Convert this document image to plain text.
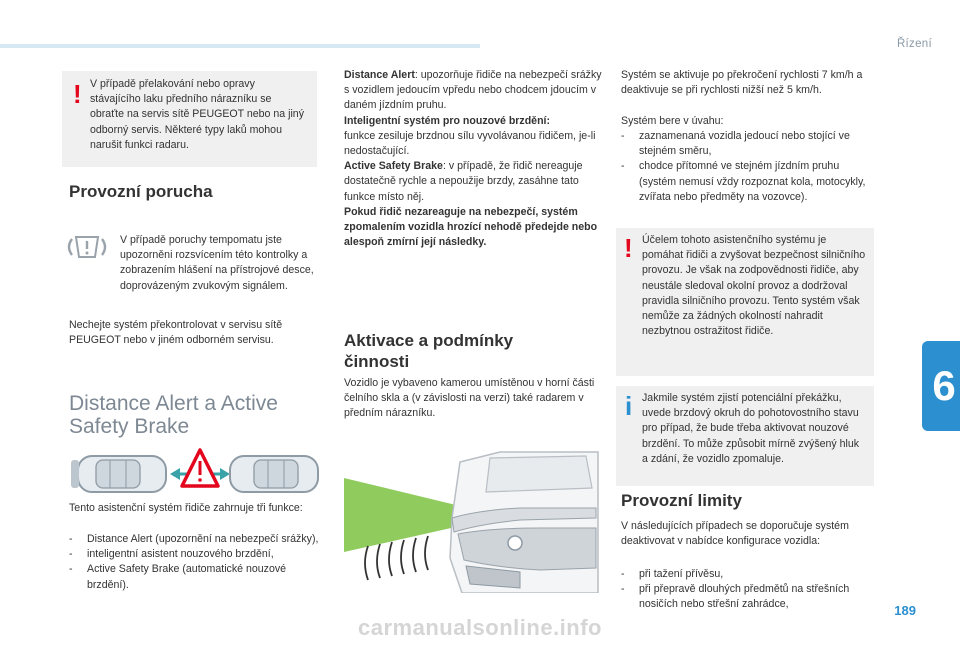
Řízení
6
189
! V případě přelakování nebo opravy stávajícího laku předního nárazníku se obraťte na servis sítě PEUGEOT nebo na jiný odborný servis. Některé typy laků mohou narušit funkci radaru.

Provozní porucha

V případě poruchy tempomatu jste upozorněni rozsvícením této kontrolky a zobrazením hlášení na přístrojové desce, doprovázeným zvukovým signálem.

Nechejte systém překontrolovat v servisu sítě PEUGEOT nebo v jiném odborném servisu.

Distance Alert a Active
Safety Brake

Tento asistenční systém řidiče zahrnuje tři funkce:

- Distance Alert (upozornění na nebezpečí srážky),
- inteligentní asistent nouzového brzdění,
- Active Safety Brake (automatické nouzové brzdění).

Distance Alert: upozorňuje řidiče na nebezpečí srážky s vozidlem jedoucím vpředu nebo chodcem jdoucím v daném jízdním pruhu.

Inteligentní systém pro nouzové brzdění:

funkce zesiluje brzdnou sílu vyvolávanou řidičem, je-li nedostačující.

Active Safety Brake: v případě, že řidič nereaguje dostatečně rychle a nepoužije brzdy, zasáhne tato funkce místo něj.

Pokud řidič nezareaguje na nebezpečí, systém zpomalením vozidla hrozící nehodě předejde nebo alespoň zmírní její následky.

Aktivace a podmínky
činnosti

Vozidlo je vybaveno kamerou umístěnou v horní části čelního skla a (v závislosti na verzi) také radarem v předním nárazníku.

Systém se aktivuje po překročení rychlosti 7 km/h a deaktivuje se při rychlosti nižší než 5 km/h.

Systém bere v úvahu:

- zaznamenaná vozidla jedoucí nebo stojící ve stejném směru,
- chodce přítomné ve stejném jízdním pruhu (systém nemusí vždy rozpoznat kola, motocykly, zvířata nebo předměty na vozovce).
! Účelem tohoto asistenčního systému je pomáhat řidiči a zvyšovat bezpečnost silničního provozu. Je však na zodpovědnosti řidiče, aby neustále sledoval okolní provoz a dodržoval pravidla silničního provozu. Tento systém však nemůže za žádných okolností nahradit nezbytnou ostražitost řidiče.

i Jakmile systém zjistí potenciální překážku, uvede brzdový okruh do pohotovostního stavu pro případ, že bude třeba aktivovat nouzové brzdění. To může způsobit mírně zvýšený hluk a zdání, že vozidlo zpomaluje.

Provozní limity

V následujících případech se doporučuje systém deaktivovat v nabídce konfigurace vozidla:

- při tažení přívěsu,
- při přepravě dlouhých předmětů na střešních nosičích nebo střešní zahrádce,
carmanualsonline.info
